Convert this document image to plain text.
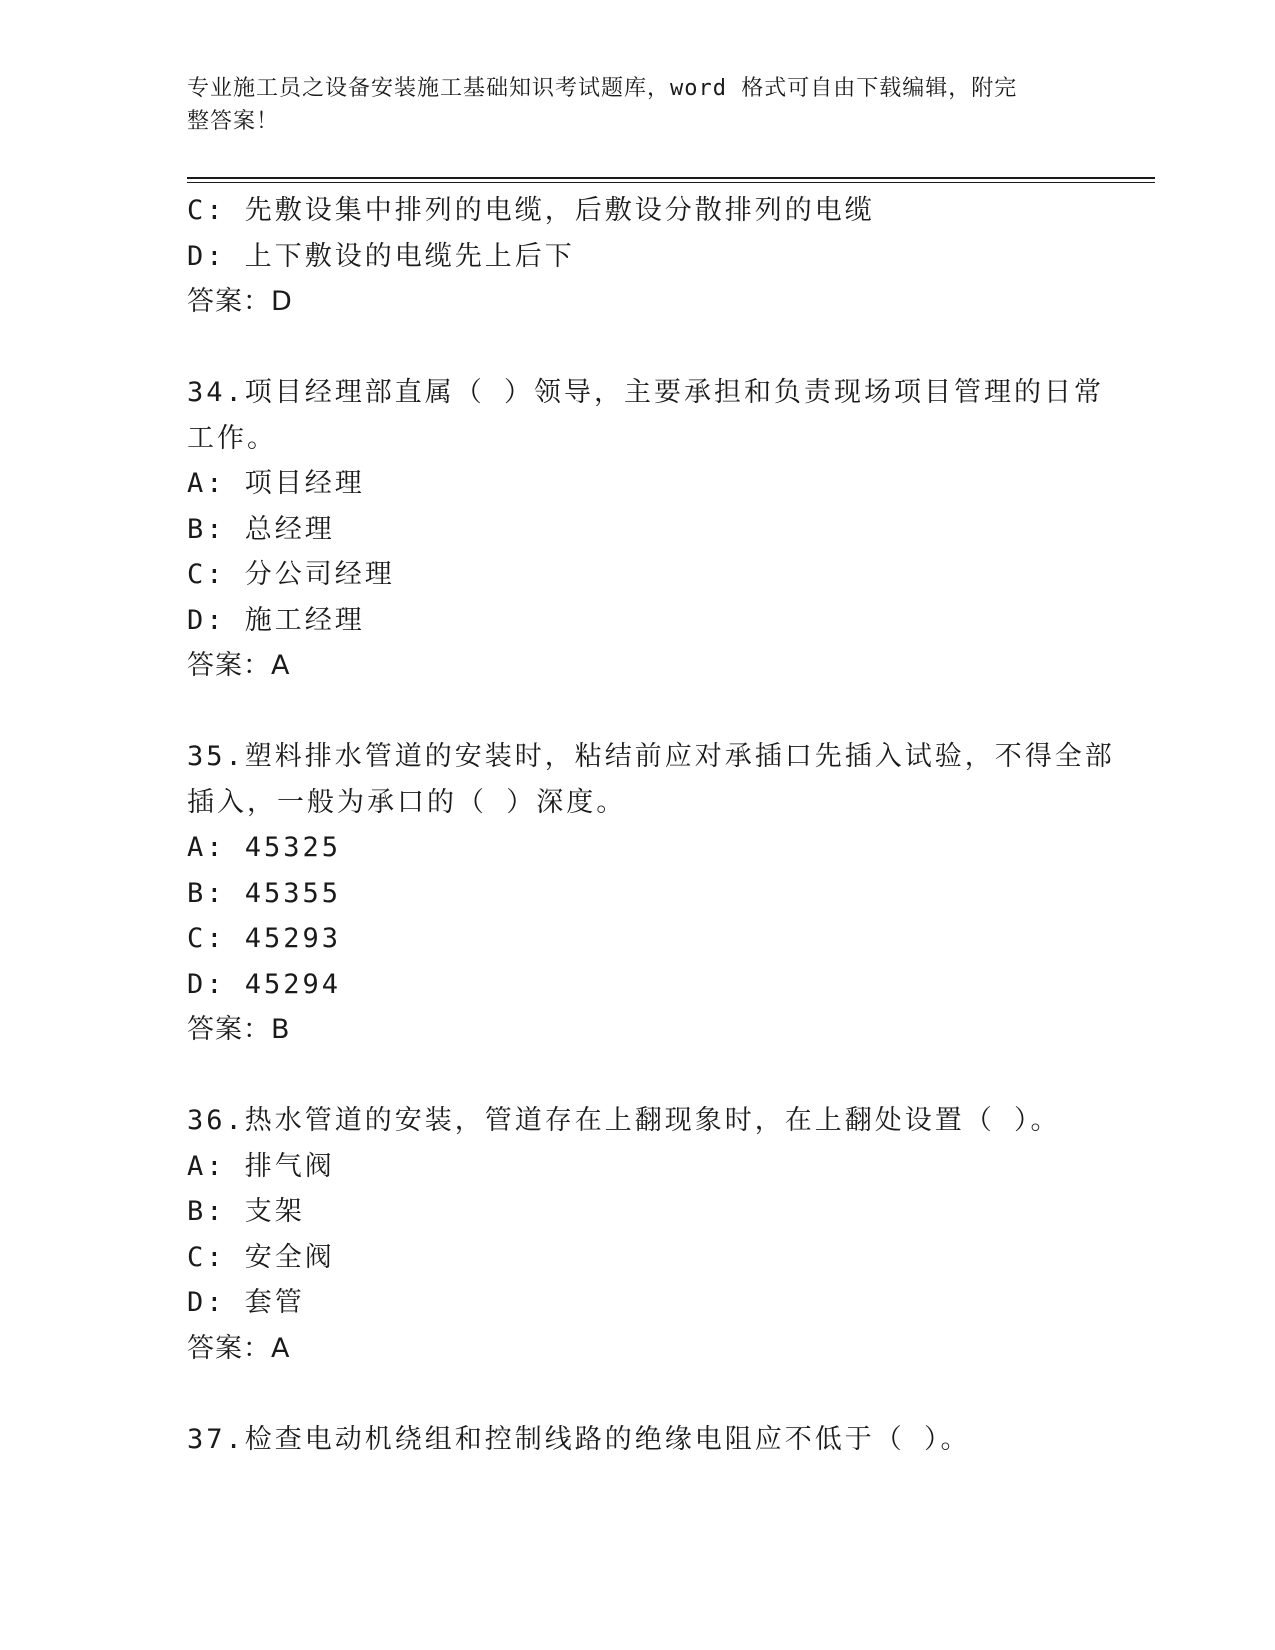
专业施工员之设备安装施工基础知识考试题库，word 格式可自由下载编辑，附完
整答案！
C: 先敷设集中排列的电缆，后敷设分散排列的电缆
D: 上下敷设的电缆先上后下
答案：D
34.项目经理部直属（ ）领导，主要承担和负责现场项目管理的日常
工作。
A: 项目经理
B: 总经理
C: 分公司经理
D: 施工经理
答案：A
35.塑料排水管道的安装时，粘结前应对承插口先插入试验，不得全部
插入，一般为承口的（ ）深度。
A: 45325
B: 45355
C: 45293
D: 45294
答案：B
36.热水管道的安装，管道存在上翻现象时，在上翻处设置（ ）。
A: 排气阀
B: 支架
C: 安全阀
D: 套管
答案：A
37.检查电动机绕组和控制线路的绝缘电阻应不低于（ ）。
